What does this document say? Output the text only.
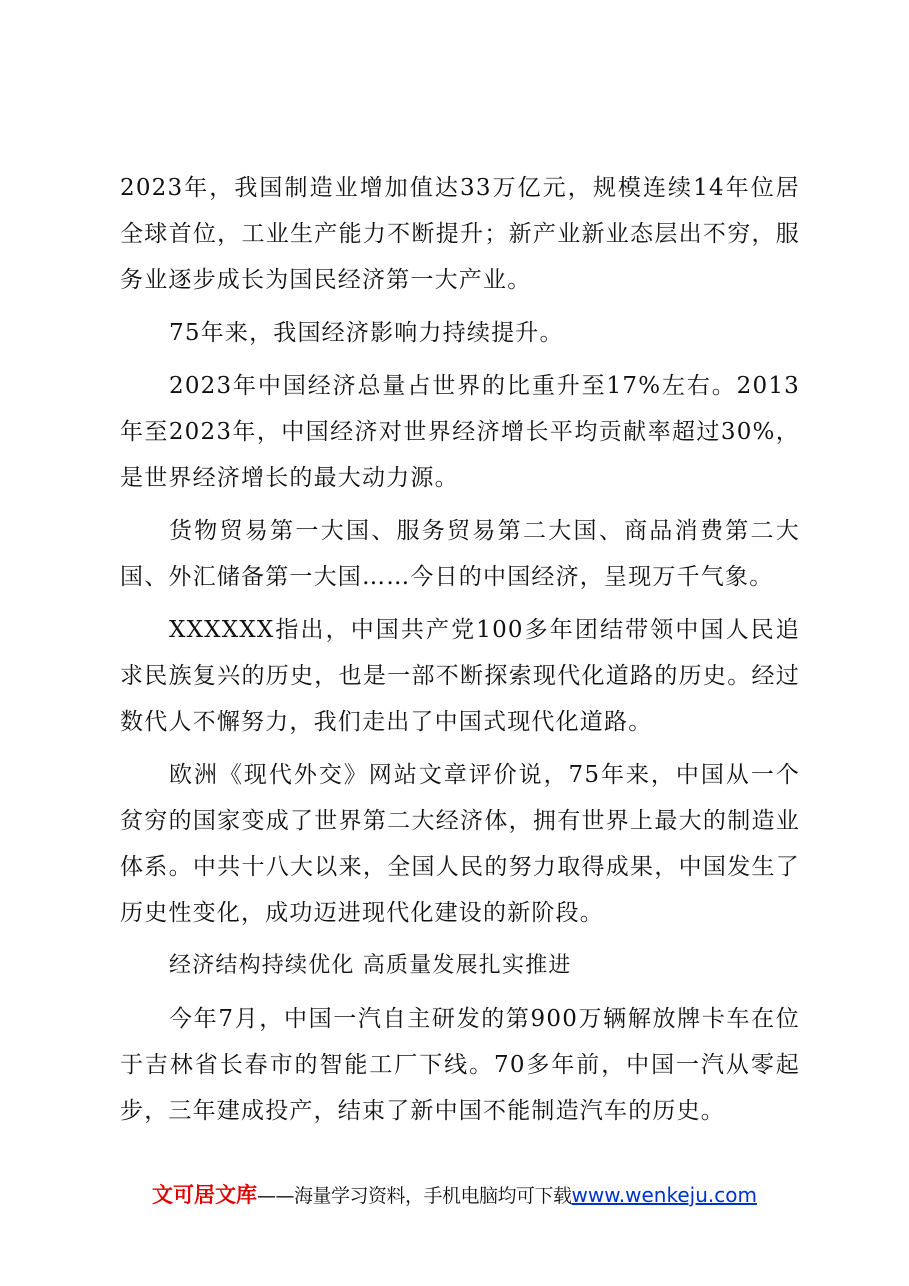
2023年，我国制造业增加值达33万亿元，规模连续14年位居全球首位，工业生产能力不断提升；新产业新业态层出不穷，服务业逐步成长为国民经济第一大产业。

75年来，我国经济影响力持续提升。

2023年中国经济总量占世界的比重升至17%左右。2013年至2023年，中国经济对世界经济增长平均贡献率超过30%，是世界经济增长的最大动力源。

货物贸易第一大国、服务贸易第二大国、商品消费第二大国、外汇储备第一大国……今日的中国经济，呈现万千气象。

XXXXXX指出，中国共产党100多年团结带领中国人民追求民族复兴的历史，也是一部不断探索现代化道路的历史。经过数代人不懈努力，我们走出了中国式现代化道路。

欧洲《现代外交》网站文章评价说，75年来，中国从一个贫穷的国家变成了世界第二大经济体，拥有世界上最大的制造业体系。中共十八大以来，全国人民的努力取得成果，中国发生了历史性变化，成功迈进现代化建设的新阶段。

经济结构持续优化 高质量发展扎实推进

今年7月，中国一汽自主研发的第900万辆解放牌卡车在位于吉林省长春市的智能工厂下线。70多年前，中国一汽从零起步，三年建成投产，结束了新中国不能制造汽车的历史。

文可居文库——海量学习资料，手机电脑均可下载www.wenkeju.com
